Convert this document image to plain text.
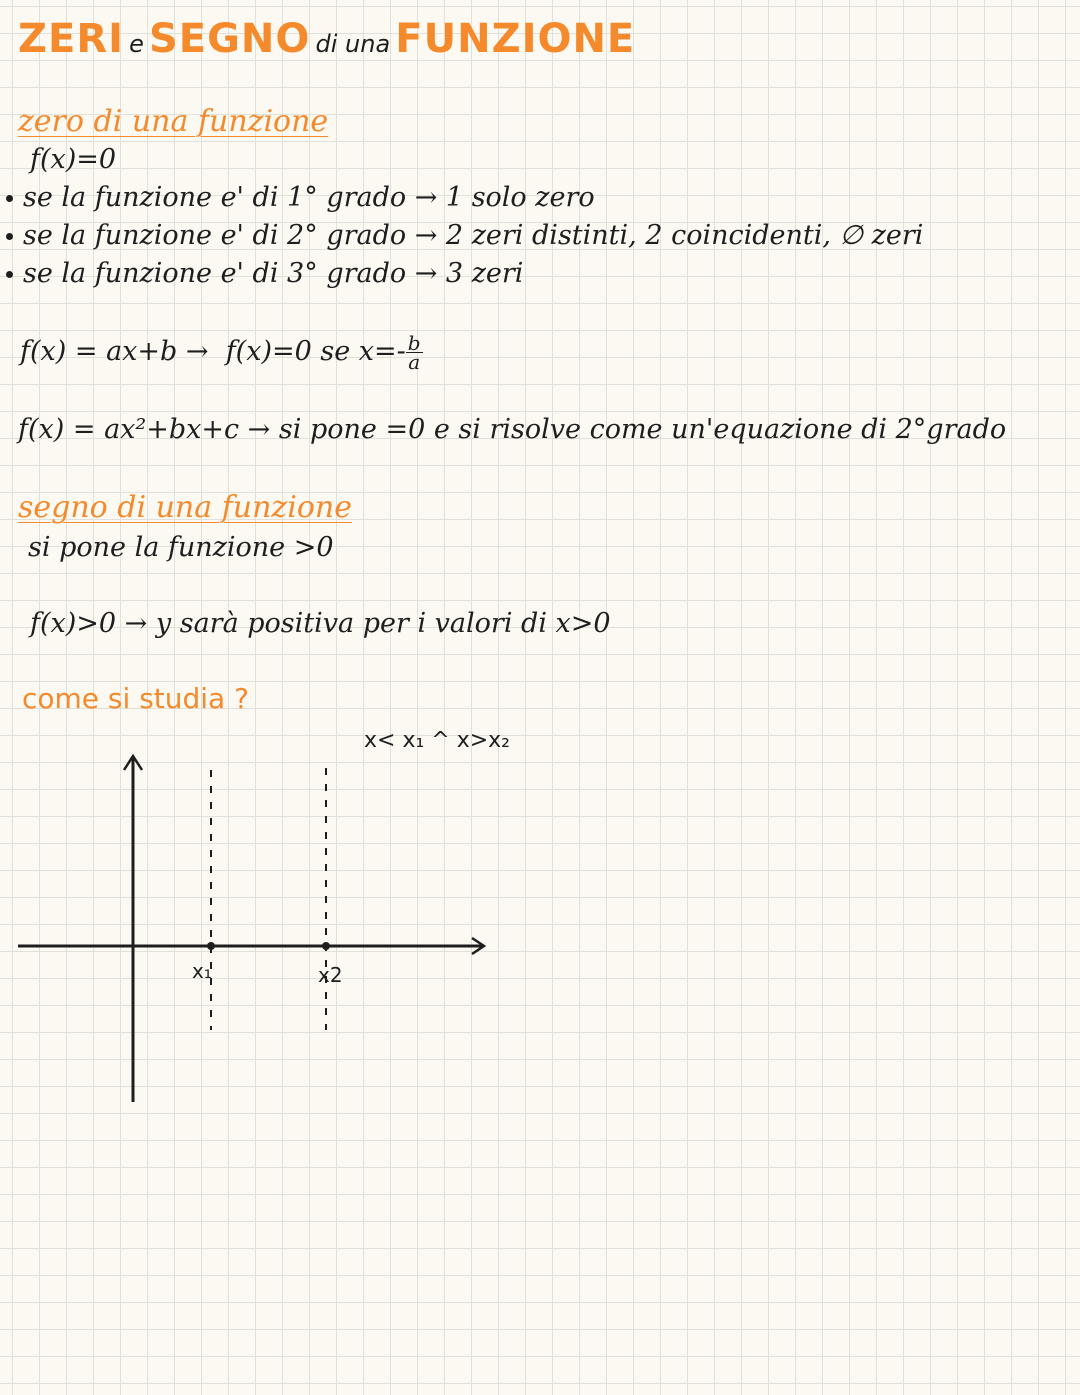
ZERI e SEGNO di una FUNZIONE
zero di una funzione
f(x)=0
se la funzione e' di 1° grado → 1 solo zero
se la funzione e' di 2° grado → 2 zeri distinti, 2 coincidenti, ∅ zeri
se la funzione e' di 3° grado → 3 zeri
f(x) = ax+b → f(x)=0 se $x=- \frac{b}{a}$
f(x) = ax²+bx+c → si pone =0 e si risolve come un'equazione di 2°grado
segno di una funzione
si pone la funzione >0
f(x)>0 → y sarà positiva per i valori di x>0
come si studia ?
x< x₁ ^ x>x₂
x₁	x2
